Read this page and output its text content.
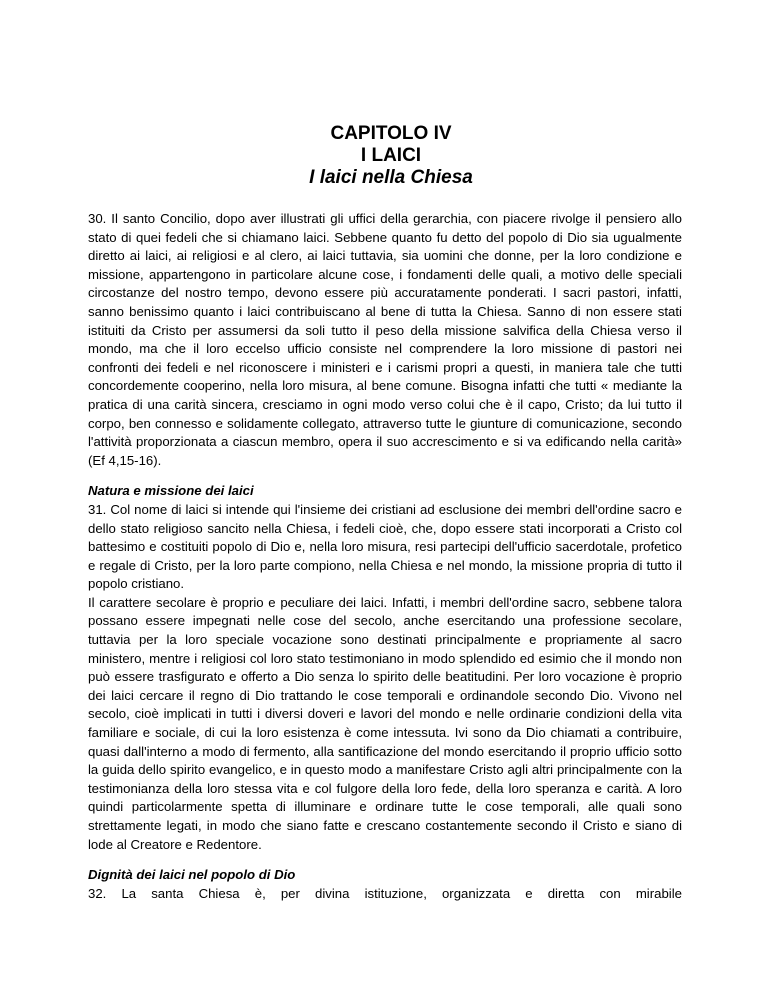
CAPITOLO IV
I LAICI
I laici nella Chiesa

30. Il santo Concilio, dopo aver illustrati gli uffici della gerarchia, con piacere rivolge il pensiero allo stato di quei fedeli che si chiamano laici. Sebbene quanto fu detto del popolo di Dio sia ugualmente diretto ai laici, ai religiosi e al clero, ai laici tuttavia, sia uomini che donne, per la loro condizione e missione, appartengono in particolare alcune cose, i fondamenti delle quali, a motivo delle speciali circostanze del nostro tempo, devono essere più accuratamente ponderati. I sacri pastori, infatti, sanno benissimo quanto i laici contribuiscano al bene di tutta la Chiesa. Sanno di non essere stati istituiti da Cristo per assumersi da soli tutto il peso della missione salvifica della Chiesa verso il mondo, ma che il loro eccelso ufficio consiste nel comprendere la loro missione di pastori nei confronti dei fedeli e nel riconoscere i ministeri e i carismi propri a questi, in maniera tale che tutti concordemente cooperino, nella loro misura, al bene comune. Bisogna infatti che tutti « mediante la pratica di una carità sincera, cresciamo in ogni modo verso colui che è il capo, Cristo; da lui tutto il corpo, ben connesso e solidamente collegato, attraverso tutte le giunture di comunicazione, secondo l'attività proporzionata a ciascun membro, opera il suo accrescimento e si va edificando nella carità» (Ef 4,15-16).

Natura e missione dei laici

31. Col nome di laici si intende qui l'insieme dei cristiani ad esclusione dei membri dell'ordine sacro e dello stato religioso sancito nella Chiesa, i fedeli cioè, che, dopo essere stati incorporati a Cristo col battesimo e costituiti popolo di Dio e, nella loro misura, resi partecipi dell'ufficio sacerdotale, profetico e regale di Cristo, per la loro parte compiono, nella Chiesa e nel mondo, la missione propria di tutto il popolo cristiano.

Il carattere secolare è proprio e peculiare dei laici. Infatti, i membri dell'ordine sacro, sebbene talora possano essere impegnati nelle cose del secolo, anche esercitando una professione secolare, tuttavia per la loro speciale vocazione sono destinati principalmente e propriamente al sacro ministero, mentre i religiosi col loro stato testimoniano in modo splendido ed esimio che il mondo non può essere trasfigurato e offerto a Dio senza lo spirito delle beatitudini. Per loro vocazione è proprio dei laici cercare il regno di Dio trattando le cose temporali e ordinandole secondo Dio. Vivono nel secolo, cioè implicati in tutti i diversi doveri e lavori del mondo e nelle ordinarie condizioni della vita familiare e sociale, di cui la loro esistenza è come intessuta. Ivi sono da Dio chiamati a contribuire, quasi dall'interno a modo di fermento, alla santificazione del mondo esercitando il proprio ufficio sotto la guida dello spirito evangelico, e in questo modo a manifestare Cristo agli altri principalmente con la testimonianza della loro stessa vita e col fulgore della loro fede, della loro speranza e carità. A loro quindi particolarmente spetta di illuminare e ordinare tutte le cose temporali, alle quali sono strettamente legati, in modo che siano fatte e crescano costantemente secondo il Cristo e siano di lode al Creatore e Redentore.

Dignità dei laici nel popolo di Dio

32. La santa Chiesa è, per divina istituzione, organizzata e diretta con mirabile
